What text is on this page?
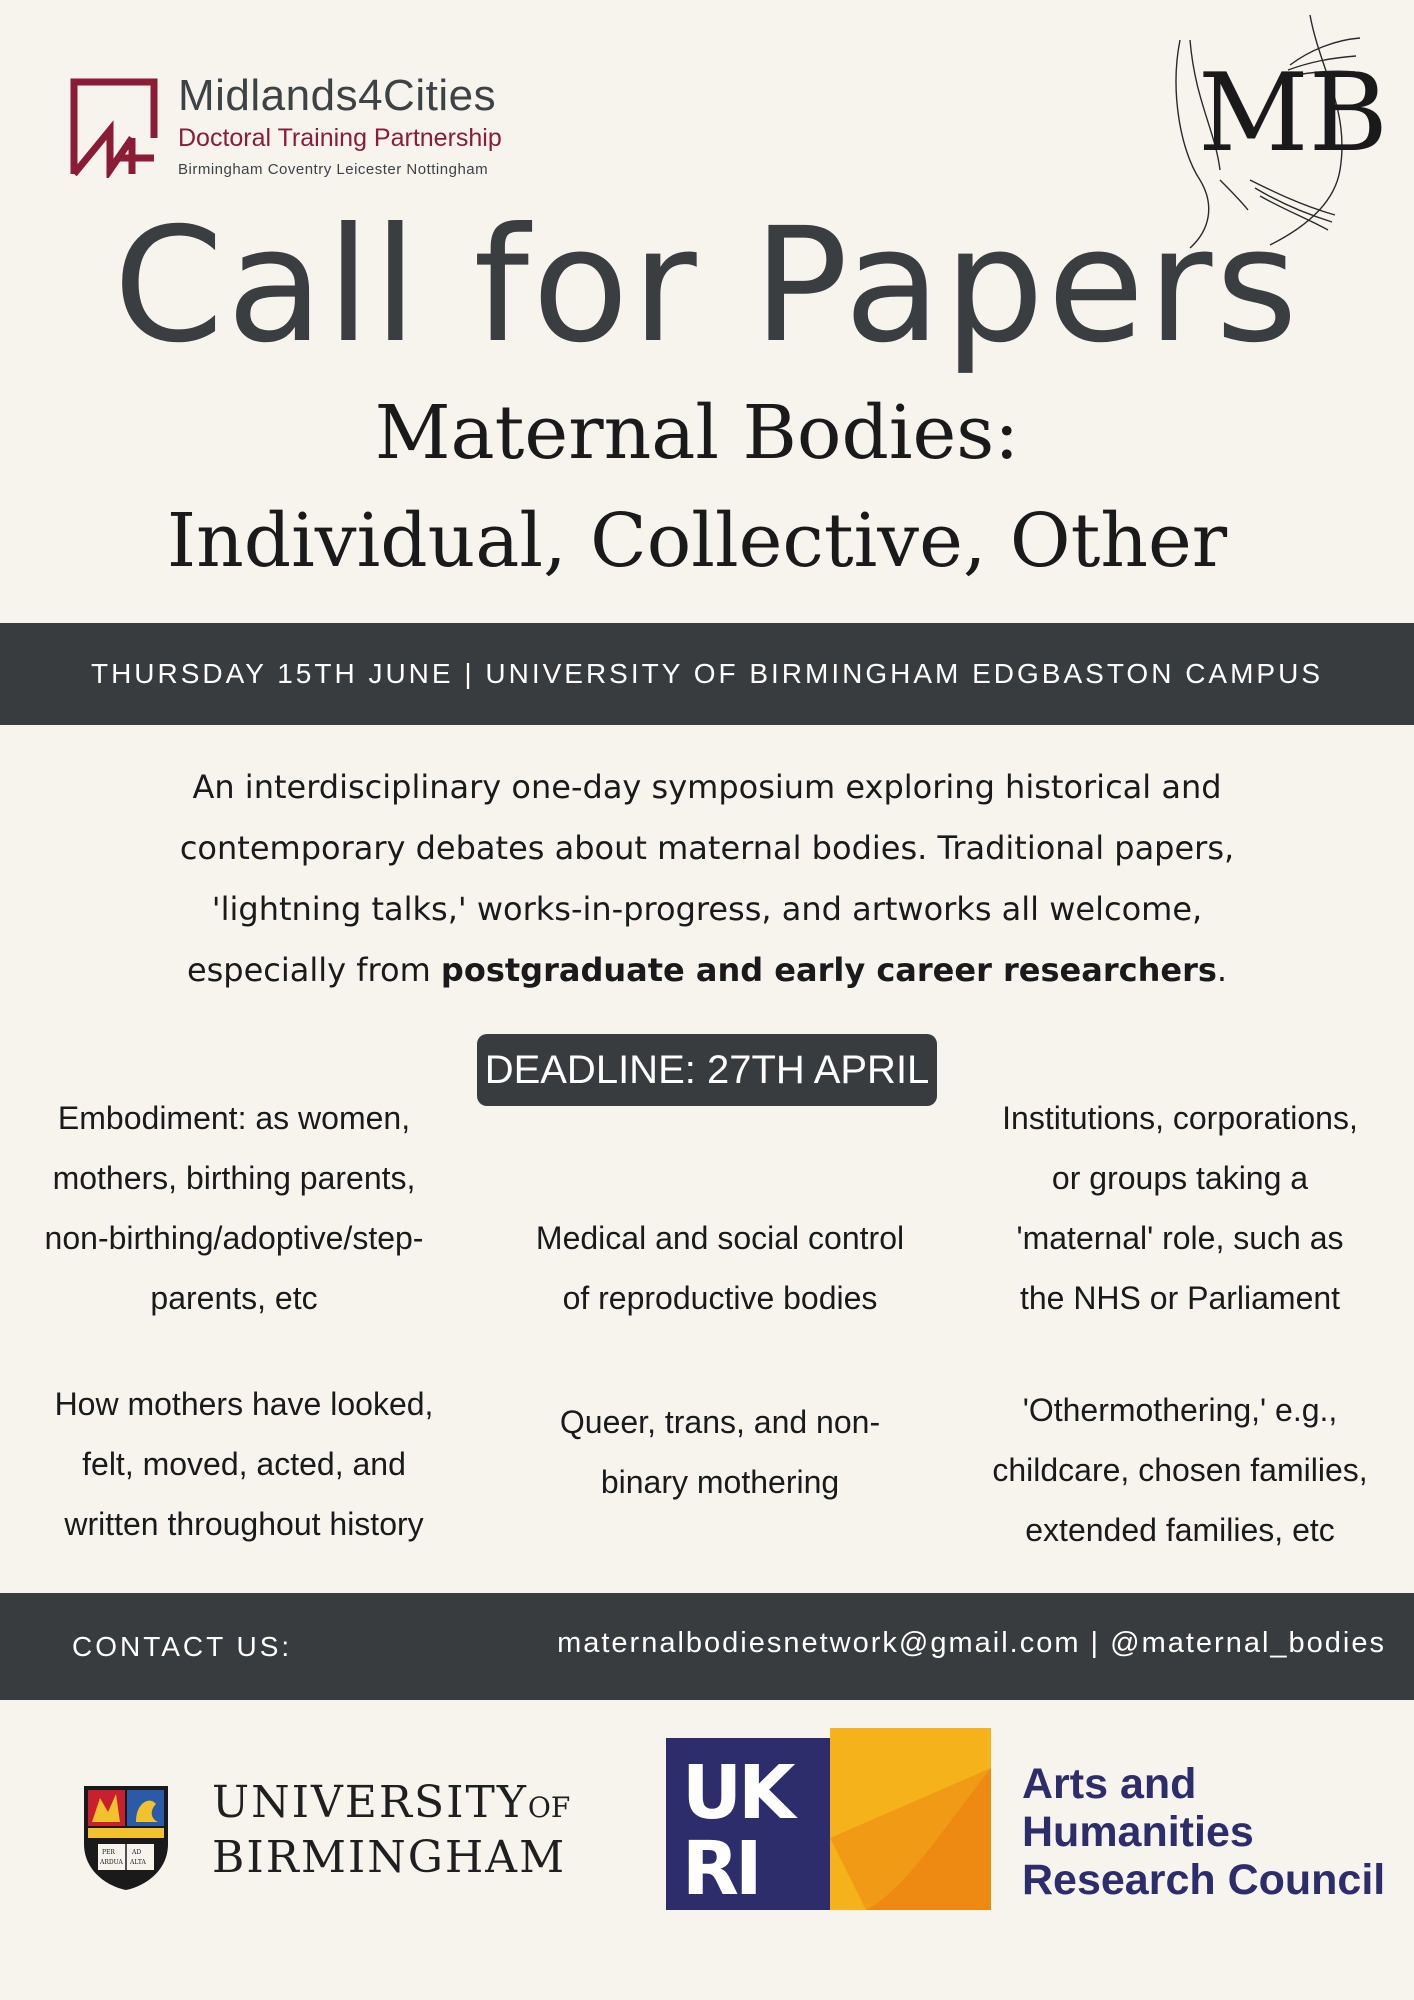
Midlands4Cities
Doctoral Training Partnership
Birmingham Coventry Leicester Nottingham	MB
Call for Papers
Maternal Bodies:
Individual, Collective, Other
THURSDAY 15TH JUNE | UNIVERSITY OF BIRMINGHAM EDGBASTON CAMPUS
An interdisciplinary one-day symposium exploring historical and
contemporary debates about maternal bodies. Traditional papers,
'lightning talks,' works-in-progress, and artworks all welcome,
especially from postgraduate and early career researchers.
DEADLINE: 27TH APRIL
Embodiment: as women,
mothers, birthing parents,
non-birthing/adoptive/step-
parents, etc
Medical and social control
of reproductive bodies
Institutions, corporations,
or groups taking a
'maternal' role, such as
the NHS or Parliament
How mothers have looked,
felt, moved, acted, and
written throughout history
Queer, trans, and non-
binary mothering
'Othermothering,' e.g.,
childcare, chosen families,
extended families, etc
CONTACT US:	maternalbodiesnetwork@gmail.com | @maternal_bodies
PER	AD
ARDUA ALTA
UNIVERSITYOF
BIRMINGHAM
UK
RI
Arts and
Humanities
Research Council
